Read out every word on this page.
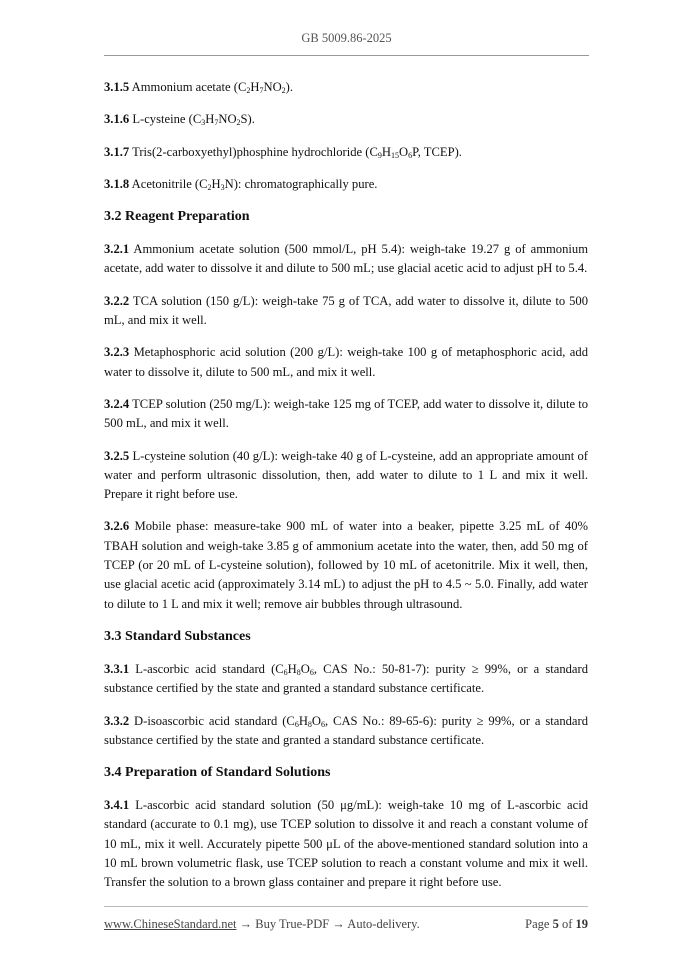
GB 5009.86-2025

3.1.5 Ammonium acetate $(C_2H_7NO_2)$.

3.1.6 L-cysteine $(C_3H_7NO_2S)$.

3.1.7 Tris(2-carboxyethyl)phosphine hydrochloride ($C_9H_{15}O_6P$, TCEP).

3.1.8 Acetonitrile $(C_2H_3N)$: chromatographically pure.

3.2 Reagent Preparation

3.2.1 Ammonium acetate solution (500 mmol/L, pH 5.4): weigh-take 19.27 g of ammonium acetate, add water to dissolve it and dilute to 500 mL; use glacial acetic acid to adjust pH to 5.4.

3.2.2 TCA solution (150 g/L): weigh-take 75 g of TCA, add water to dissolve it, dilute to 500 mL, and mix it well.

3.2.3 Metaphosphoric acid solution (200 g/L): weigh-take 100 g of metaphosphoric acid, add water to dissolve it, dilute to 500 mL, and mix it well.

3.2.4 TCEP solution (250 mg/L): weigh-take 125 mg of TCEP, add water to dissolve it, dilute to 500 mL, and mix it well.

3.2.5 L-cysteine solution (40 g/L): weigh-take 40 g of L-cysteine, add an appropriate amount of water and perform ultrasonic dissolution, then, add water to dilute to 1 L and mix it well. Prepare it right before use.

3.2.6 Mobile phase: measure-take 900 mL of water into a beaker, pipette 3.25 mL of 40% TBAH solution and weigh-take 3.85 g of ammonium acetate into the water, then, add 50 mg of TCEP (or 20 mL of L-cysteine solution), followed by 10 mL of acetonitrile. Mix it well, then, use glacial acetic acid (approximately 3.14 mL) to adjust the pH to 4.5 ~ 5.0. Finally, add water to dilute to 1 L and mix it well; remove air bubbles through ultrasound.

3.3 Standard Substances

3.3.1 L-ascorbic acid standard ($C_6H_8O_6$, CAS No.: 50-81-7): purity ≥ 99%, or a standard substance certified by the state and granted a standard substance certificate.

3.3.2 D-isoascorbic acid standard ($C_6H_8O_6$, CAS No.: 89-65-6): purity ≥ 99%, or a standard substance certified by the state and granted a standard substance certificate.

3.4 Preparation of Standard Solutions

3.4.1 L-ascorbic acid standard solution (50 μg/mL): weigh-take 10 mg of L-ascorbic acid standard (accurate to 0.1 mg), use TCEP solution to dissolve it and reach a constant volume of 10 mL, mix it well. Accurately pipette 500 μL of the above-mentioned standard solution into a 10 mL brown volumetric flask, use TCEP solution to reach a constant volume and mix it well. Transfer the solution to a brown glass container and prepare it right before use.

www.ChineseStandard.net → Buy True-PDF → Auto-delivery.	Page 5 of 19
